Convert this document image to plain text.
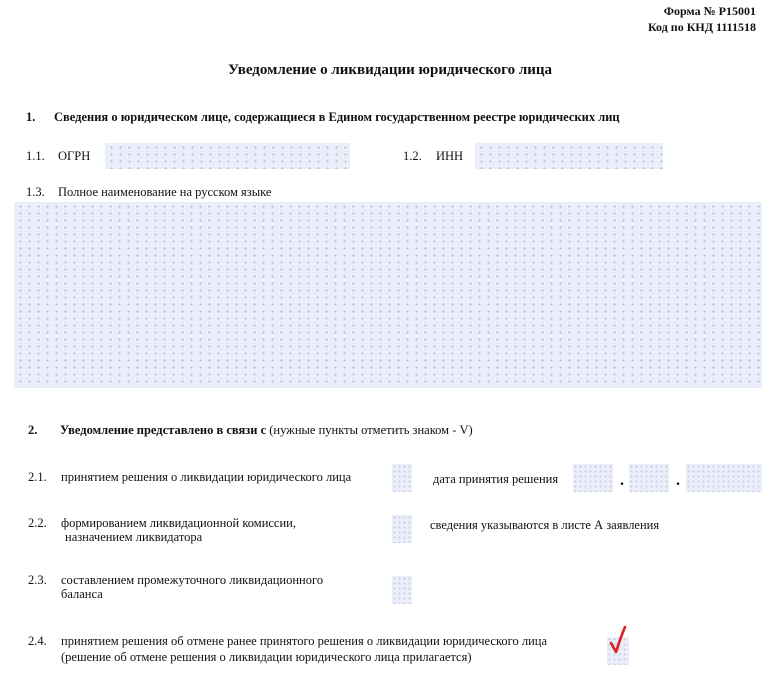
Форма № Р15001
Код по КНД 1111518
Уведомление о ликвидации юридического лица
1. Сведения о юридическом лице, содержащиеся в Едином государственном реестре юридических лиц
1.1. ОГРН	1.2. ИНН
1.3. Полное наименование на русском языке
2. Уведомление представлено в связи с (нужные пункты отметить знаком - V)
2.1. принятием решения о ликвидации юридического лица	дата принятия решения	.	.
2.2. формированием ликвидационной комиссии,
назначением ликвидатора
сведения указываются в листе А заявления
2.3. составлением промежуточного ликвидационного
баланса
2.4. принятием решения об отмене ранее принятого решения о ликвидации юридического лица
(решение об отмене решения о ликвидации юридического лица прилагается)
